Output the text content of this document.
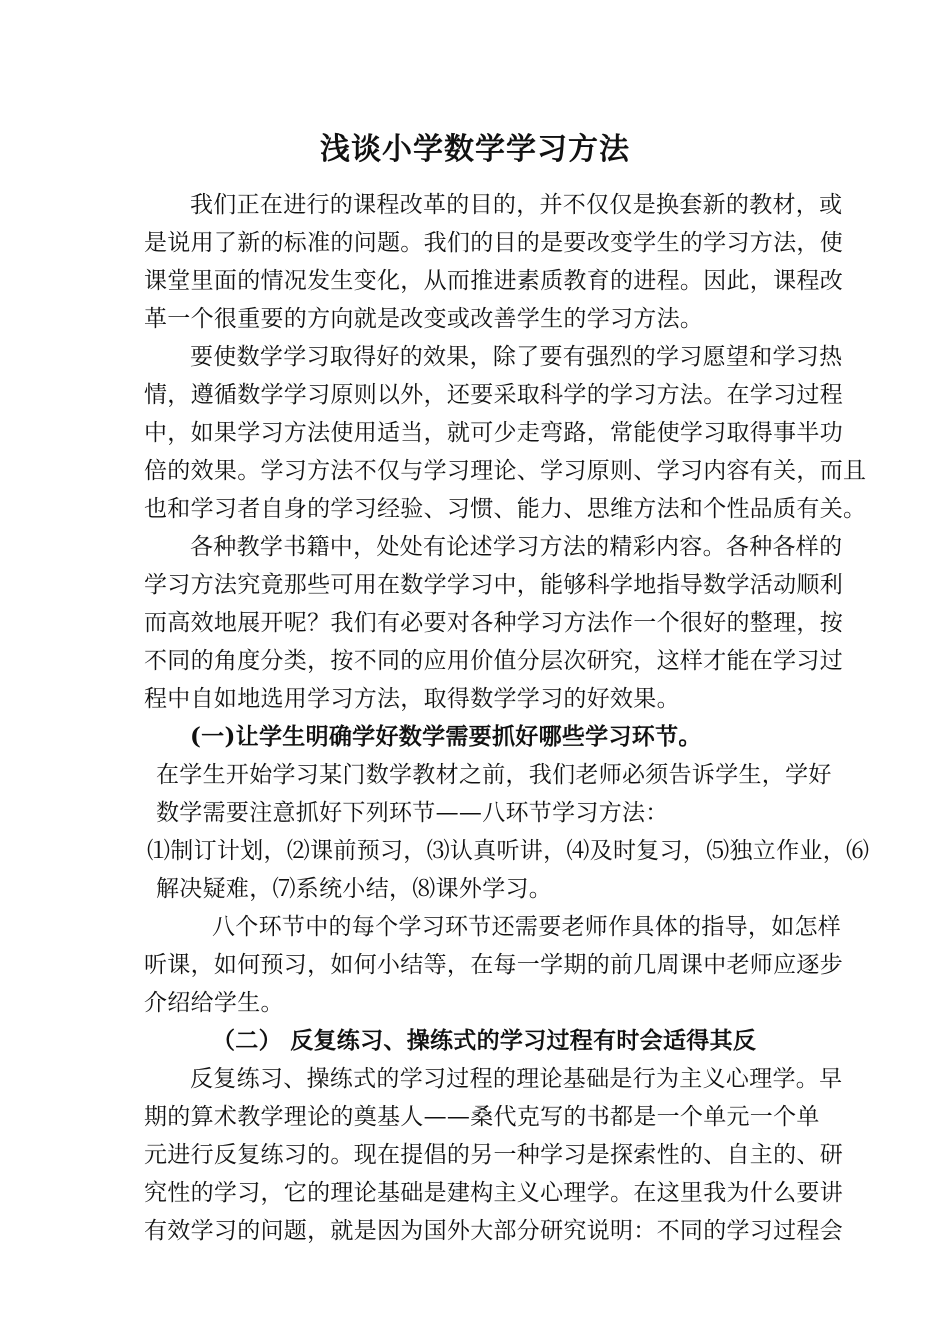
浅谈小学数学学习方法
我们正在进行的课程改革的目的，并不仅仅是换套新的教材，或
是说用了新的标准的问题。我们的目的是要改变学生的学习方法，使
课堂里面的情况发生变化，从而推进素质教育的进程。因此，课程改
革一个很重要的方向就是改变或改善学生的学习方法。
要使数学学习取得好的效果，除了要有强烈的学习愿望和学习热
情，遵循数学学习原则以外，还要采取科学的学习方法。在学习过程
中，如果学习方法使用适当，就可少走弯路，常能使学习取得事半功
倍的效果。学习方法不仅与学习理论、学习原则、学习内容有关，而且
也和学习者自身的学习经验、习惯、能力、思维方法和个性品质有关。
各种教学书籍中，处处有论述学习方法的精彩内容。各种各样的
学习方法究竟那些可用在数学学习中，能够科学地指导数学活动顺利
而高效地展开呢？我们有必要对各种学习方法作一个很好的整理，按
不同的角度分类，按不同的应用价值分层次研究，这样才能在学习过
程中自如地选用学习方法，取得数学学习的好效果。
(一)让学生明确学好数学需要抓好哪些学习环节。
在学生开始学习某门数学教材之前，我们老师必须告诉学生，学好
数学需要注意抓好下列环节——八环节学习方法：
⑴制订计划，⑵课前预习，⑶认真听讲，⑷及时复习，⑸独立作业，⑹
解决疑难，⑺系统小结，⑻课外学习。
八个环节中的每个学习环节还需要老师作具体的指导，如怎样
听课，如何预习，如何小结等，在每一学期的前几周课中老师应逐步
介绍给学生。
（二） 反复练习、操练式的学习过程有时会适得其反
反复练习、操练式的学习过程的理论基础是行为主义心理学。早
期的算术教学理论的奠基人——桑代克写的书都是一个单元一个单
元进行反复练习的。现在提倡的另一种学习是探索性的、自主的、研
究性的学习，它的理论基础是建构主义心理学。在这里我为什么要讲
有效学习的问题，就是因为国外大部分研究说明：不同的学习过程会
